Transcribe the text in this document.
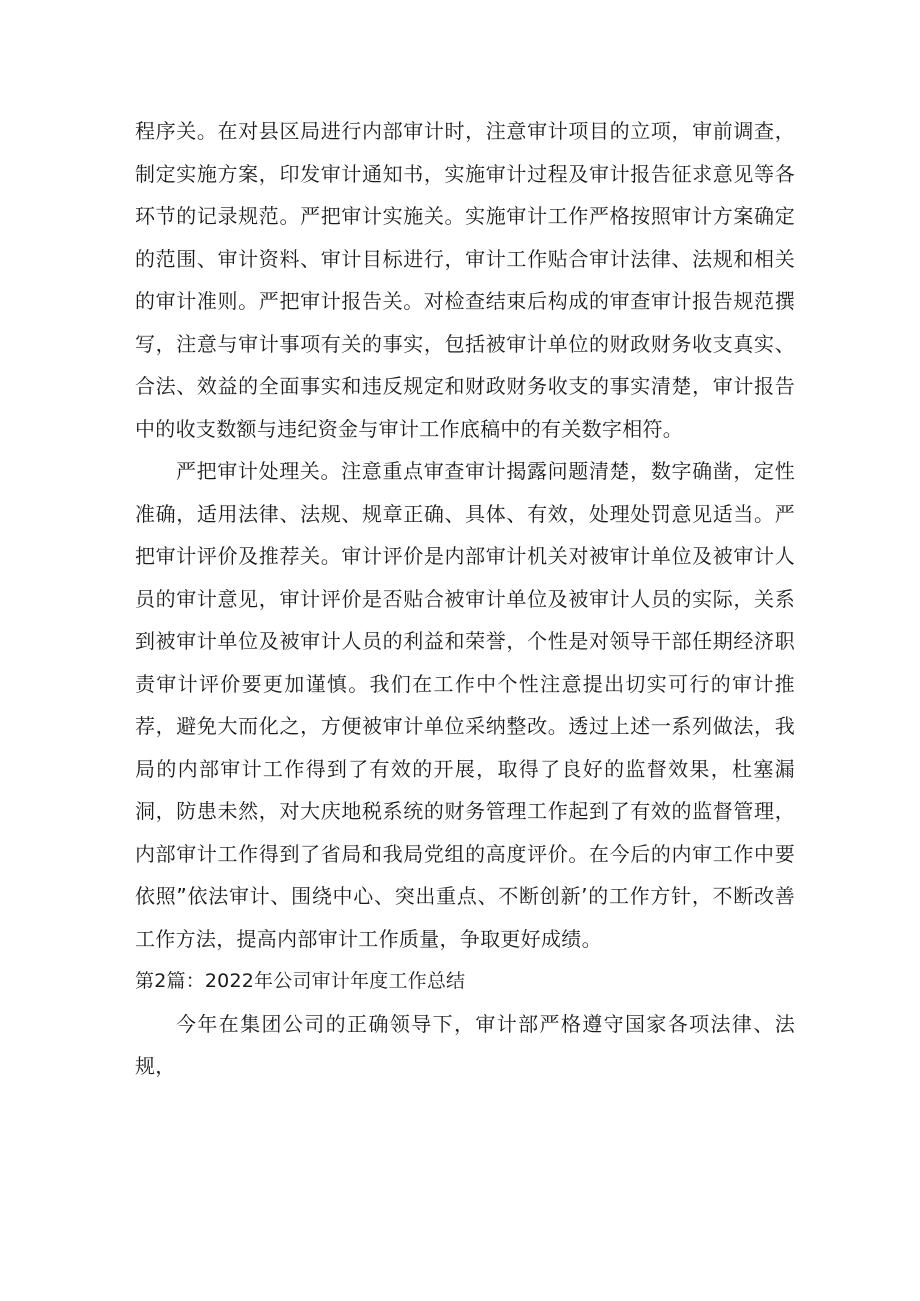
程序关。在对县区局进行内部审计时，注意审计项目的立项，审前调查，制定实施方案，印发审计通知书，实施审计过程及审计报告征求意见等各环节的记录规范。严把审计实施关。实施审计工作严格按照审计方案确定的范围、审计资料、审计目标进行，审计工作贴合审计法律、法规和相关的审计准则。严把审计报告关。对检查结束后构成的审查审计报告规范撰写，注意与审计事项有关的事实，包括被审计单位的财政财务收支真实、合法、效益的全面事实和违反规定和财政财务收支的事实清楚，审计报告中的收支数额与违纪资金与审计工作底稿中的有关数字相符。

严把审计处理关。注意重点审查审计揭露问题清楚，数字确凿，定性准确，适用法律、法规、规章正确、具体、有效，处理处罚意见适当。严把审计评价及推荐关。审计评价是内部审计机关对被审计单位及被审计人员的审计意见，审计评价是否贴合被审计单位及被审计人员的实际，关系到被审计单位及被审计人员的利益和荣誉，个性是对领导干部任期经济职责审计评价要更加谨慎。我们在工作中个性注意提出切实可行的审计推荐，避免大而化之，方便被审计单位采纳整改。透过上述一系列做法，我局的内部审计工作得到了有效的开展，取得了良好的监督效果，杜塞漏洞，防患未然，对大庆地税系统的财务管理工作起到了有效的监督管理，内部审计工作得到了省局和我局党组的高度评价。在今后的内审工作中要依照”依法审计、围绕中心、突出重点、不断创新’的工作方针，不断改善工作方法，提高内部审计工作质量，争取更好成绩。

第2篇：2022年公司审计年度工作总结

今年在集团公司的正确领导下，审计部严格遵守国家各项法律、法规，
